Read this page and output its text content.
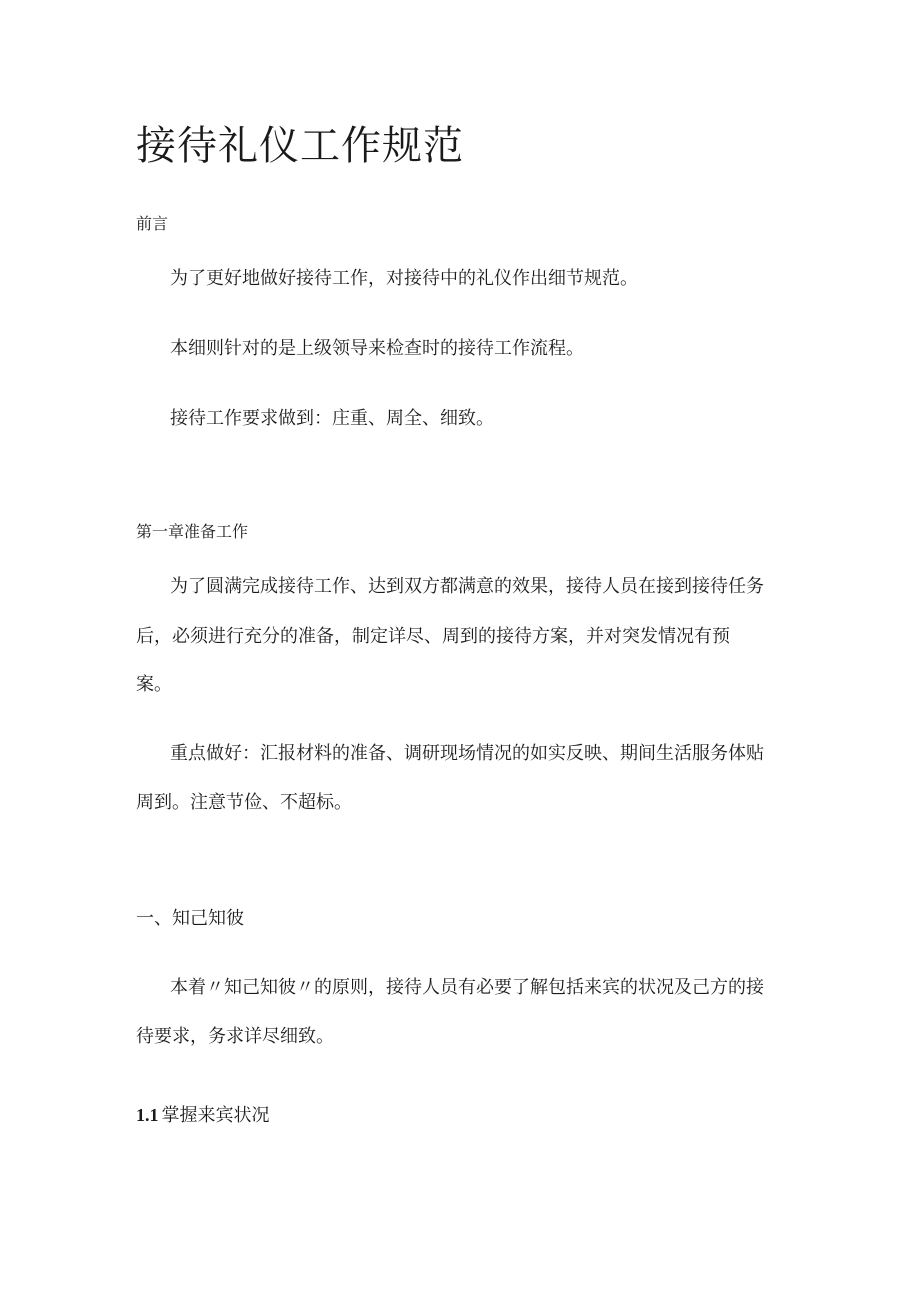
接待礼仪工作规范
前言
为了更好地做好接待工作，对接待中的礼仪作出细节规范。
本细则针对的是上级领导来检查时的接待工作流程。
接待工作要求做到：庄重、周全、细致。
第一章准备工作
为了圆满完成接待工作、达到双方都满意的效果，接待人员在接到接待任务
后，必须进行充分的准备，制定详尽、周到的接待方案，并对突发情况有预
案。
重点做好：汇报材料的准备、调研现场情况的如实反映、期间生活服务体贴
周到。注意节俭、不超标。
一、知己知彼
本着〃知己知彼〃的原则，接待人员有必要了解包括来宾的状况及己方的接
待要求，务求详尽细致。
1.1 掌握来宾状况
